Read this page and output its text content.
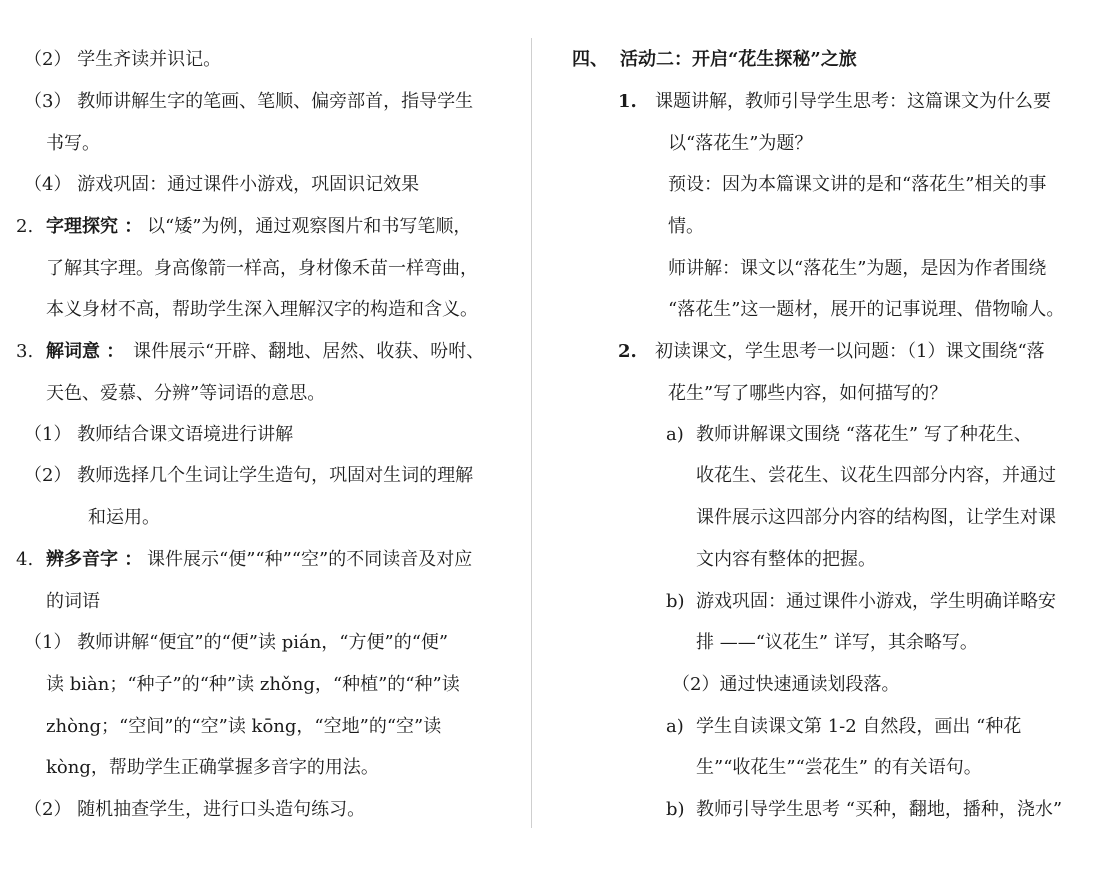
（2） 学生齐读并识记。
（3） 教师讲解生字的笔画、笔顺、偏旁部首，指导学生
书写。
（4） 游戏巩固：通过课件小游戏，巩固识记效果
2. 字理探究 ： 以“矮”为例，通过观察图片和书写笔顺，
了解其字理。身高像箭一样高，身材像禾苗一样弯曲，
本义身材不高，帮助学生深入理解汉字的构造和含义。
3. 解词意 ： 课件展示“开辟、翻地、居然、收获、吩咐、
天色、爱慕、分辨”等词语的意思。
（1） 教师结合课文语境进行讲解
（2） 教师选择几个生词让学生造句，巩固对生词的理解
和运用。
4. 辨多音字 ： 课件展示“便”“种”“空”的不同读音及对应
的词语
（1） 教师讲解“便宜”的“便”读 pián，“方便”的“便”
读 biàn；“种子”的“种”读 zhǒng，“种植”的“种”读
zhòng；“空间”的“空”读 kōng，“空地”的“空”读
kòng，帮助学生正确掌握多音字的用法。
（2） 随机抽查学生，进行口头造句练习。
四、 活动二：开启“花生探秘”之旅
1. 课题讲解，教师引导学生思考：这篇课文为什么要
以“落花生”为题？
预设：因为本篇课文讲的是和“落花生”相关的事
情。
师讲解：课文以“落花生”为题，是因为作者围绕
“落花生”这一题材，展开的记事说理、借物喻人。
2. 初读课文，学生思考一以问题：（1）课文围绕“落
花生”写了哪些内容，如何描写的？
a) 教师讲解课文围绕 “落花生” 写了种花生、
收花生、尝花生、议花生四部分内容，并通过
课件展示这四部分内容的结构图，让学生对课
文内容有整体的把握。
b) 游戏巩固：通过课件小游戏，学生明确详略安
排 ——“议花生” 详写，其余略写。
（2）通过快速通读划段落。
a) 学生自读课文第 1-2 自然段，画出 “种花
生”“收花生”“尝花生” 的有关语句。
b) 教师引导学生思考 “买种，翻地，播种，浇水”
